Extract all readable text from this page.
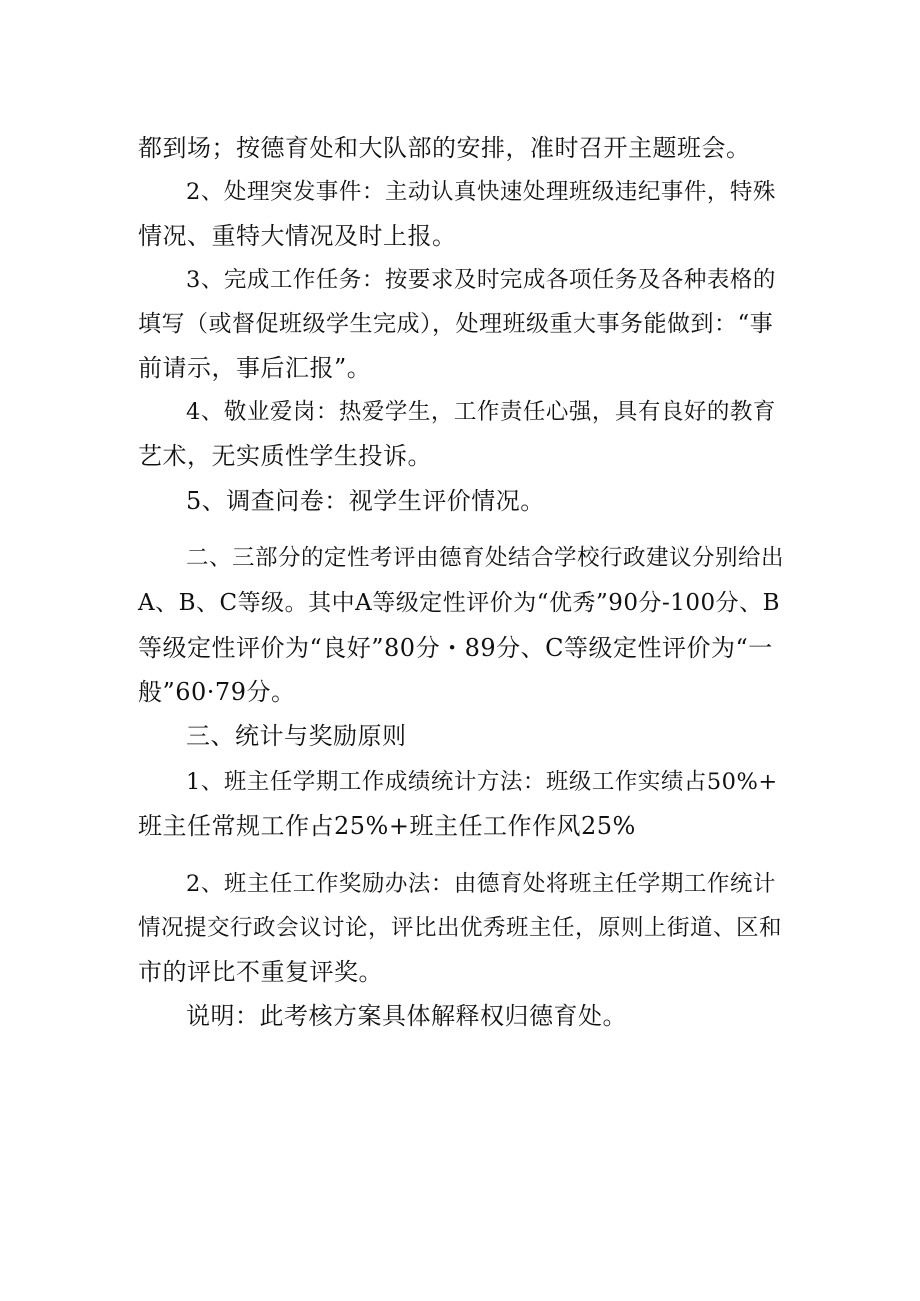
都到场；按德育处和大队部的安排，准时召开主题班会。
2、处理突发事件：主动认真快速处理班级违纪事件，特殊
情况、重特大情况及时上报。
3、完成工作任务：按要求及时完成各项任务及各种表格的
填写（或督促班级学生完成），处理班级重大事务能做到：“事
前请示，事后汇报”。
4、敬业爱岗：热爱学生，工作责任心强，具有良好的教育
艺术，无实质性学生投诉。
5、调查问卷：视学生评价情况。
二、三部分的定性考评由德育处结合学校行政建议分别给出
A、B、C等级。其中A等级定性评价为“优秀”90分-100分、B
等级定性评价为“良好”80分・89分、C等级定性评价为“一
般”60·79分。
三、统计与奖励原则
1、班主任学期工作成绩统计方法：班级工作实绩占50%+
班主任常规工作占25%+班主任工作作风25%
2、班主任工作奖励办法：由德育处将班主任学期工作统计
情况提交行政会议讨论，评比出优秀班主任，原则上街道、区和
市的评比不重复评奖。
说明：此考核方案具体解释权归德育处。
